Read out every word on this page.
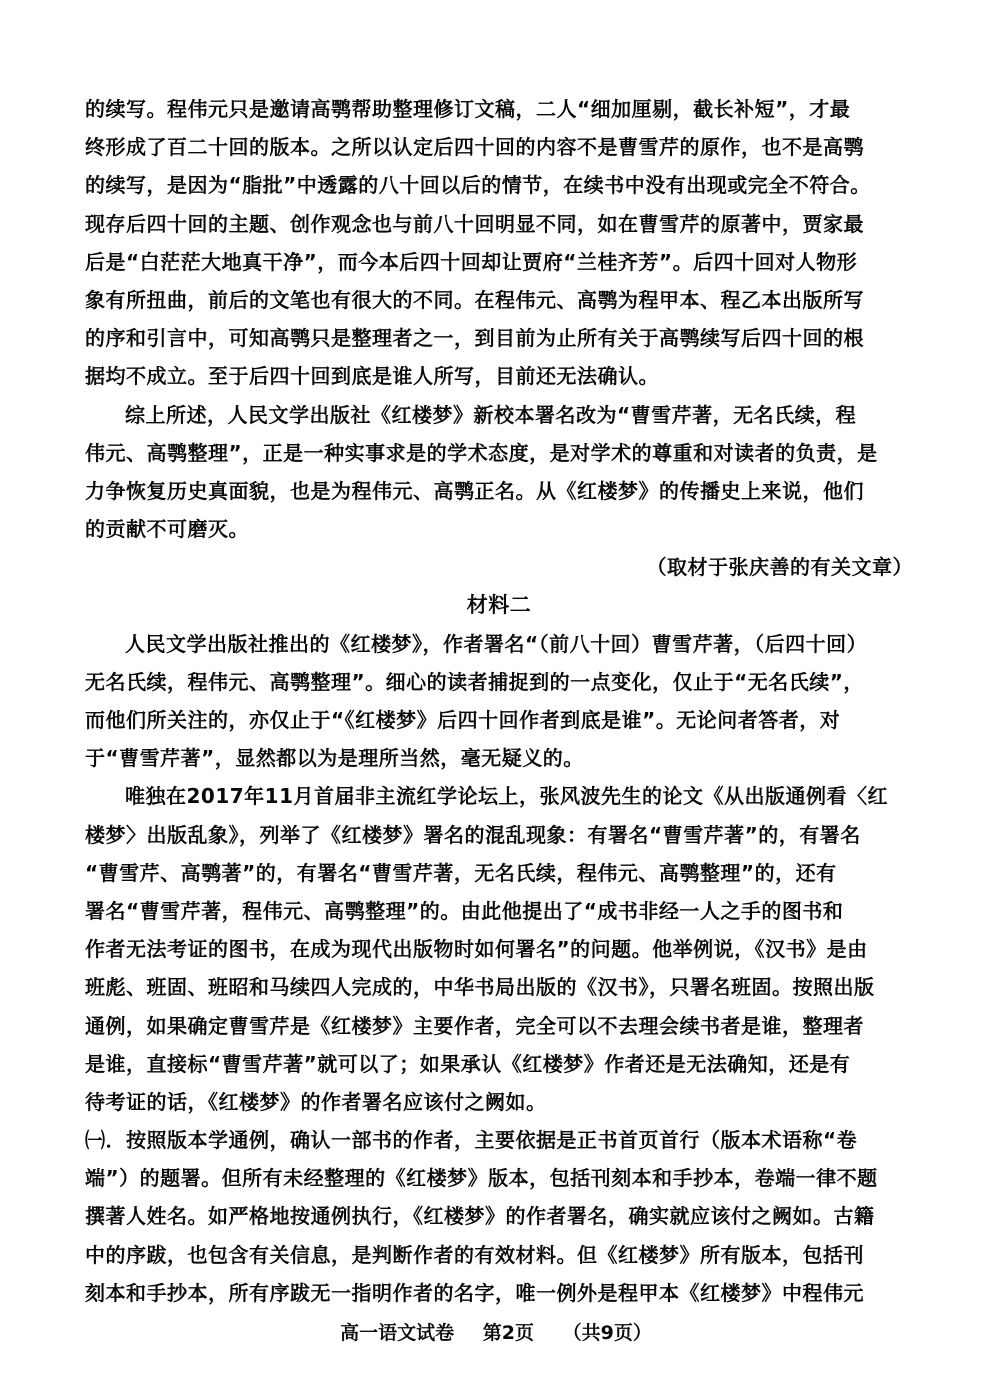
的续写。程伟元只是邀请高鹗帮助整理修订文稿，二人“细加厘剔，截长补短”，才最
终形成了百二十回的版本。之所以认定后四十回的内容不是曹雪芹的原作，也不是高鹗
的续写，是因为“脂批”中透露的八十回以后的情节，在续书中没有出现或完全不符合。
现存后四十回的主题、创作观念也与前八十回明显不同，如在曹雪芹的原著中，贾家最
后是“白茫茫大地真干净”，而今本后四十回却让贾府“兰桂齐芳”。后四十回对人物形
象有所扭曲，前后的文笔也有很大的不同。在程伟元、高鹗为程甲本、程乙本出版所写
的序和引言中，可知高鹗只是整理者之一，到目前为止所有关于高鹗续写后四十回的根
据均不成立。至于后四十回到底是谁人所写，目前还无法确认。
综上所述，人民文学出版社《红楼梦》新校本署名改为“曹雪芹著，无名氏续，程
伟元、高鹗整理”，正是一种实事求是的学术态度，是对学术的尊重和对读者的负责，是
力争恢复历史真面貌，也是为程伟元、高鹗正名。从《红楼梦》的传播史上来说，他们
的贡献不可磨灭。
（取材于张庆善的有关文章）
材料二
人民文学出版社推出的《红楼梦》，作者署名“（前八十回）曹雪芹著，（后四十回）
无名氏续，程伟元、高鹗整理”。细心的读者捕捉到的一点变化，仅止于“无名氏续”，
而他们所关注的，亦仅止于“《红楼梦》后四十回作者到底是谁”。无论问者答者，对
于“曹雪芹著”，显然都以为是理所当然，毫无疑义的。
唯独在2017年11月首届非主流红学论坛上，张风波先生的论文《从出版通例看〈红
楼梦〉出版乱象》，列举了《红楼梦》署名的混乱现象：有署名“曹雪芹著”的，有署名
“曹雪芹、高鹗著”的，有署名“曹雪芹著，无名氏续，程伟元、高鹗整理”的，还有
署名“曹雪芹著，程伟元、高鹗整理”的。由此他提出了“成书非经一人之手的图书和
作者无法考证的图书，在成为现代出版物时如何署名”的问题。他举例说，《汉书》是由
班彪、班固、班昭和马续四人完成的，中华书局出版的《汉书》，只署名班固。按照出版
通例，如果确定曹雪芹是《红楼梦》主要作者，完全可以不去理会续书者是谁，整理者
是谁，直接标“曹雪芹著”就可以了；如果承认《红楼梦》作者还是无法确知，还是有
待考证的话，《红楼梦》的作者署名应该付之阙如。
㈠．按照版本学通例，确认一部书的作者，主要依据是正书首页首行（版本术语称“卷
端”）的题署。但所有未经整理的《红楼梦》版本，包括刊刻本和手抄本，卷端一律不题
撰著人姓名。如严格地按通例执行，《红楼梦》的作者署名，确实就应该付之阙如。古籍
中的序跋，也包含有关信息，是判断作者的有效材料。但《红楼梦》所有版本，包括刊
刻本和手抄本，所有序跋无一指明作者的名字，唯一例外是程甲本《红楼梦》中程伟元
高一语文试卷 第2页 （共9页）
